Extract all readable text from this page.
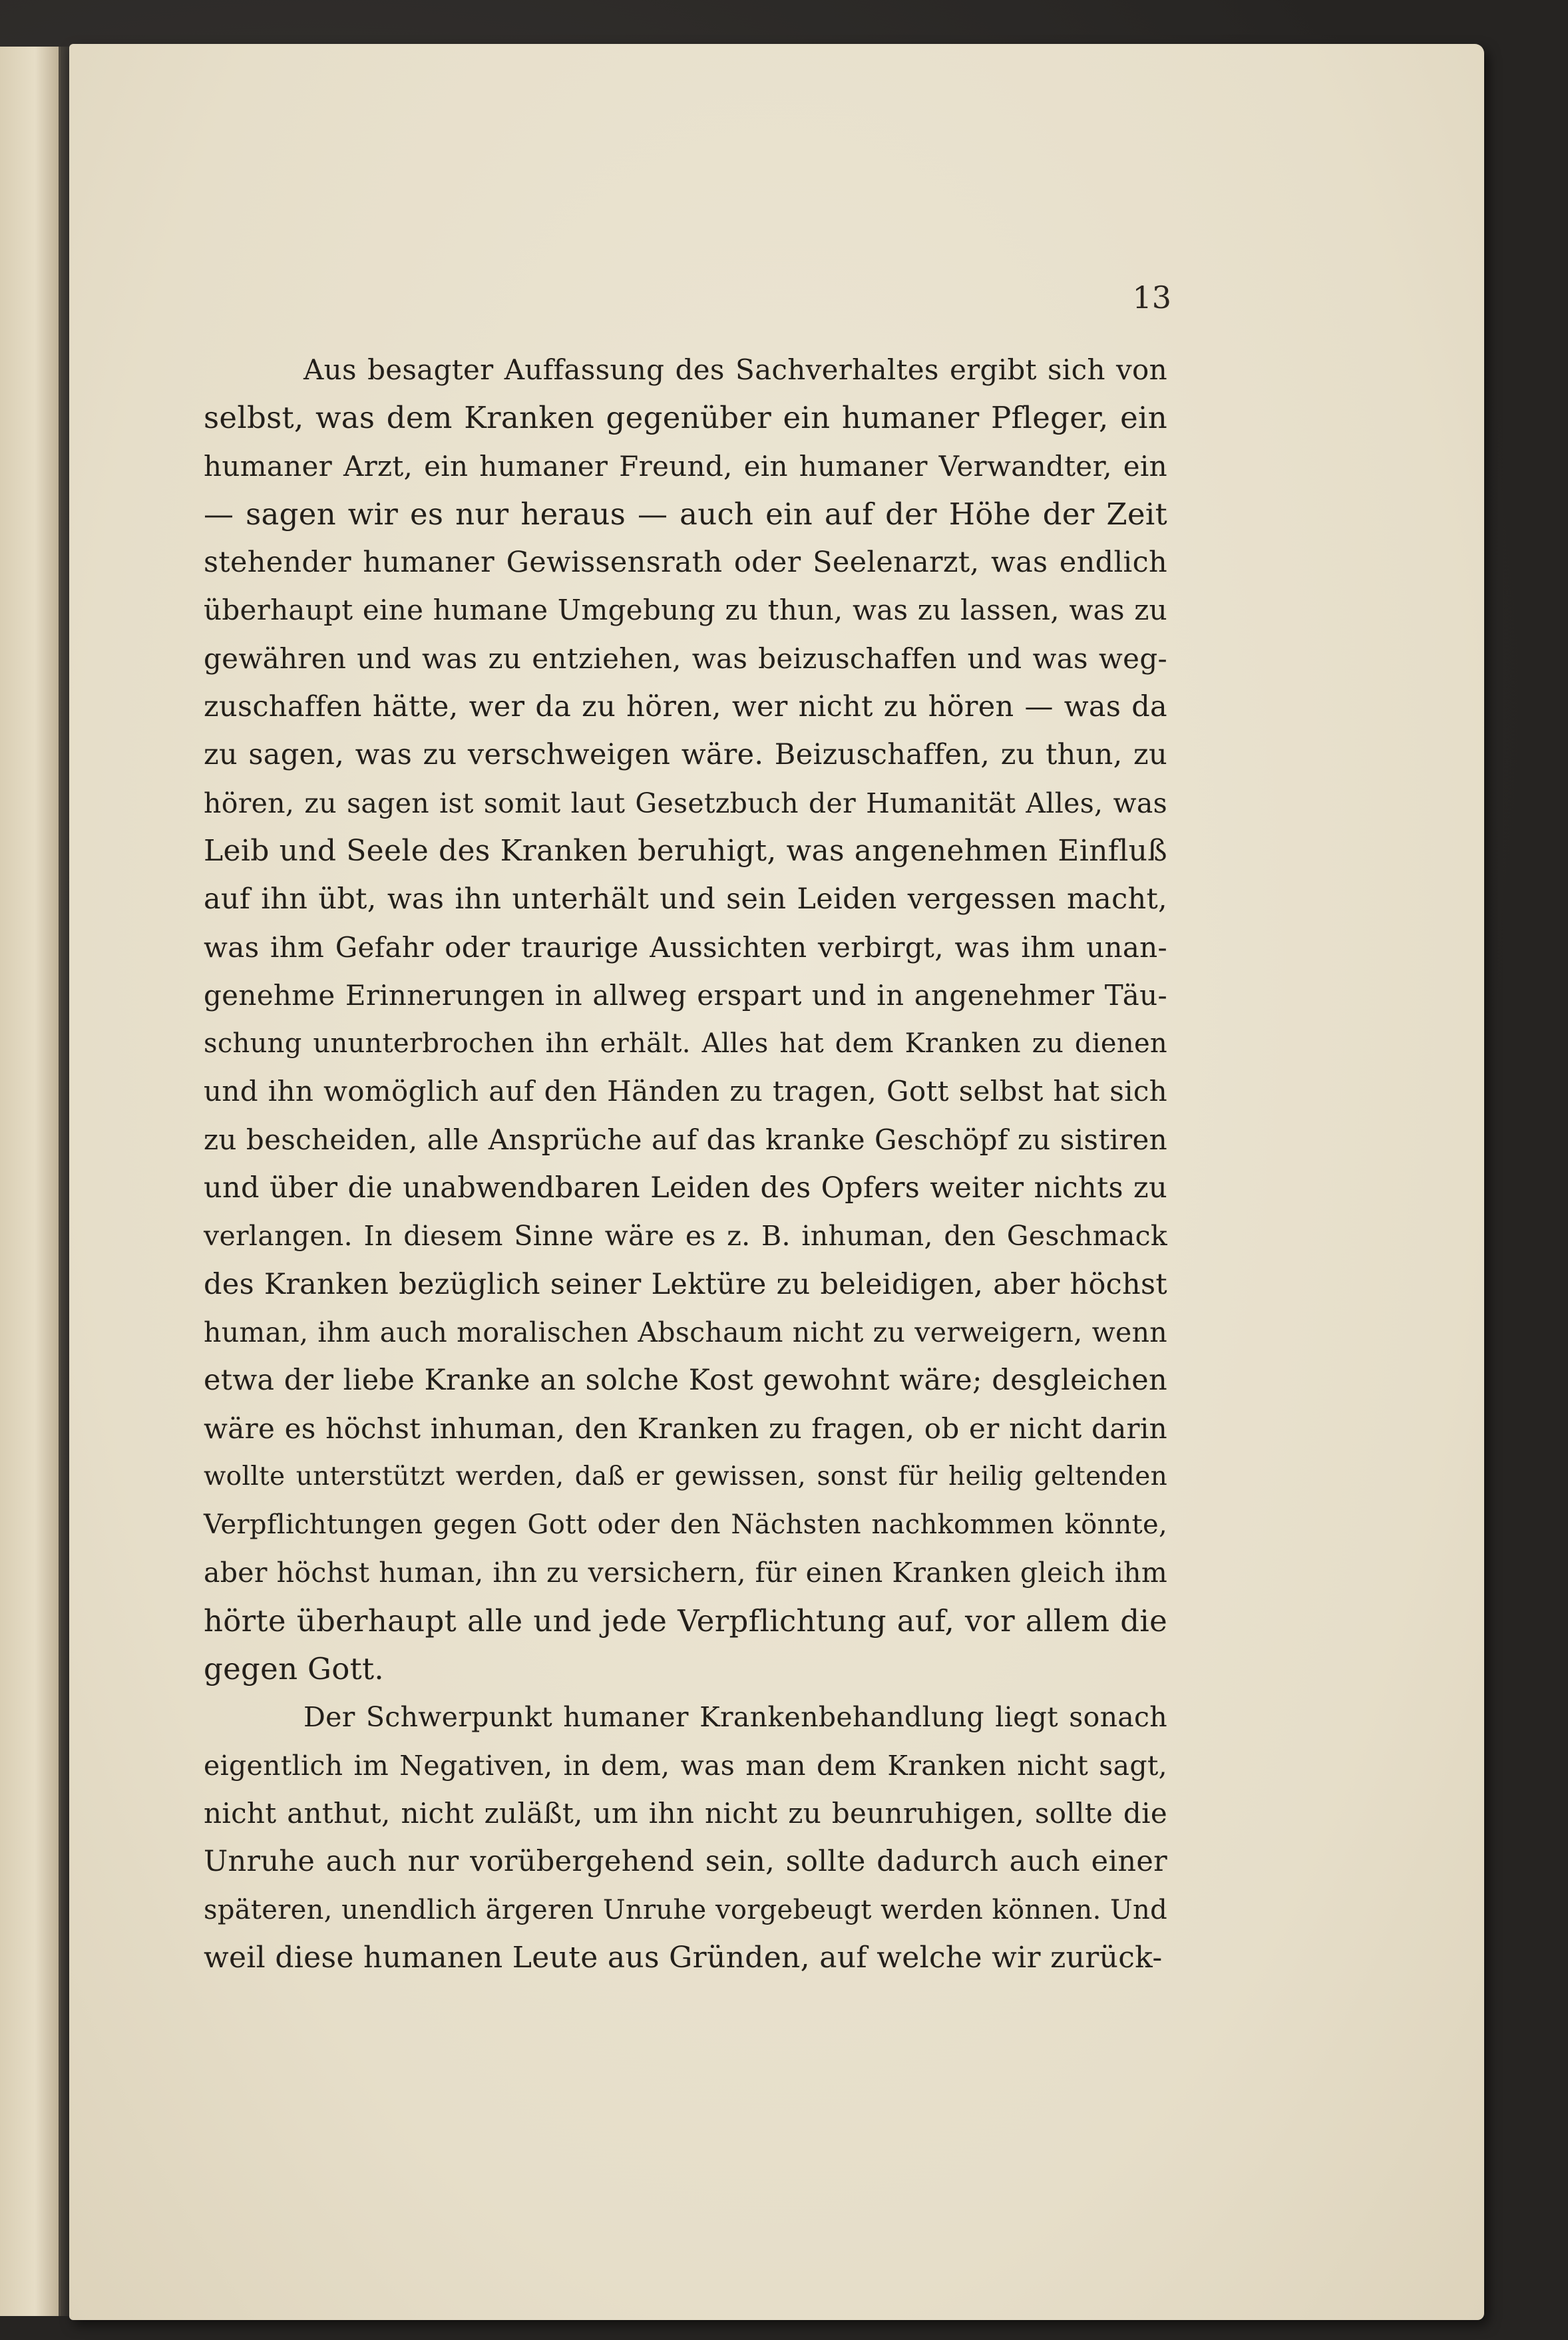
13

Aus besagter Auffassung des Sachverhaltes ergibt sich von
selbst, was dem Kranken gegenüber ein humaner Pfleger, ein
humaner Arzt, ein humaner Freund, ein humaner Verwandter, ein
— sagen wir es nur heraus — auch ein auf der Höhe der Zeit
stehender humaner Gewissensrath oder Seelenarzt, was endlich
überhaupt eine humane Umgebung zu thun, was zu lassen, was zu
gewähren und was zu entziehen, was beizuschaffen und was weg-
zuschaffen hätte, wer da zu hören, wer nicht zu hören — was da
zu sagen, was zu verschweigen wäre. Beizuschaffen, zu thun, zu
hören, zu sagen ist somit laut Gesetzbuch der Humanität Alles, was
Leib und Seele des Kranken beruhigt, was angenehmen Einfluß
auf ihn übt, was ihn unterhält und sein Leiden vergessen macht,
was ihm Gefahr oder traurige Aussichten verbirgt, was ihm unan-
genehme Erinnerungen in allweg erspart und in angenehmer Täu-
schung ununterbrochen ihn erhält. Alles hat dem Kranken zu dienen
und ihn womöglich auf den Händen zu tragen, Gott selbst hat sich
zu bescheiden, alle Ansprüche auf das kranke Geschöpf zu sistiren
und über die unabwendbaren Leiden des Opfers weiter nichts zu
verlangen. In diesem Sinne wäre es z. B. inhuman, den Geschmack
des Kranken bezüglich seiner Lektüre zu beleidigen, aber höchst
human, ihm auch moralischen Abschaum nicht zu verweigern, wenn
etwa der liebe Kranke an solche Kost gewohnt wäre; desgleichen
wäre es höchst inhuman, den Kranken zu fragen, ob er nicht darin
wollte unterstützt werden, daß er gewissen, sonst für heilig geltenden
Verpflichtungen gegen Gott oder den Nächsten nachkommen könnte,
aber höchst human, ihn zu versichern, für einen Kranken gleich ihm
hörte überhaupt alle und jede Verpflichtung auf, vor allem die
gegen Gott.
Der Schwerpunkt humaner Krankenbehandlung liegt sonach
eigentlich im Negativen, in dem, was man dem Kranken nicht sagt,
nicht anthut, nicht zuläßt, um ihn nicht zu beunruhigen, sollte die
Unruhe auch nur vorübergehend sein, sollte dadurch auch einer
späteren, unendlich ärgeren Unruhe vorgebeugt werden können. Und
weil diese humanen Leute aus Gründen, auf welche wir zurück-
